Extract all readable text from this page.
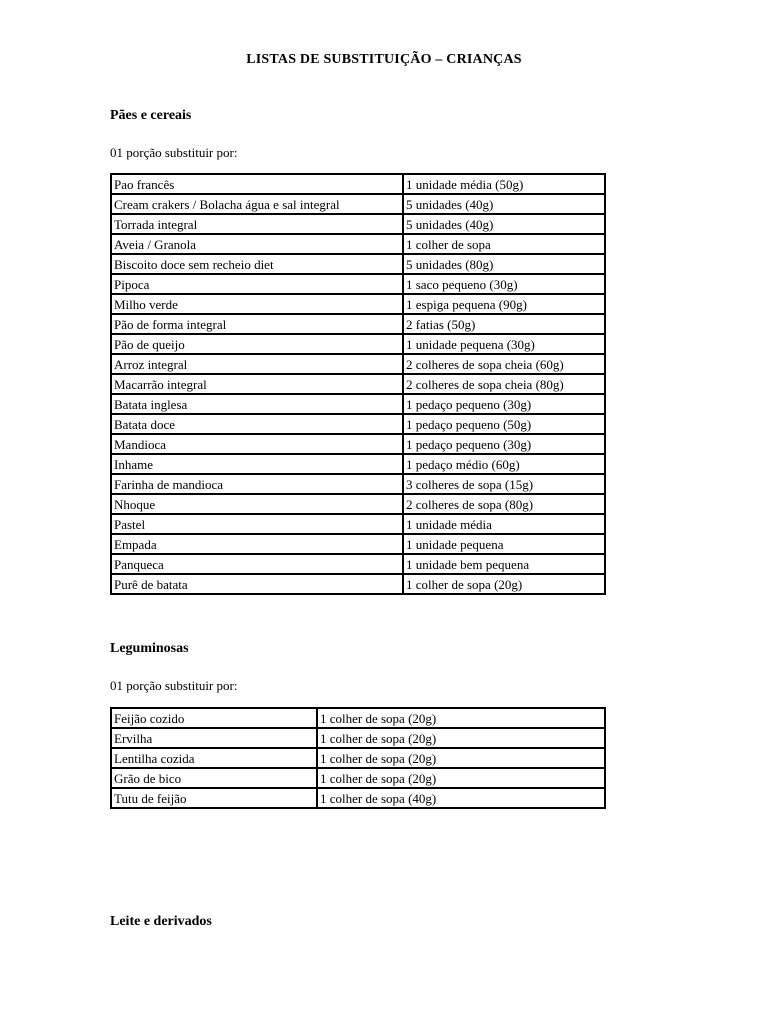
LISTAS DE SUBSTITUIÇÃO – CRIANÇAS
Pães e cereais
01 porção substituir por:
Pao francês	1 unidade média (50g)
Cream crakers / Bolacha água e sal integral	5 unidades (40g)
Torrada integral	5 unidades (40g)
Aveia / Granola	1 colher de sopa
Biscoito doce sem recheio diet	5 unidades (80g)
Pipoca	1 saco pequeno (30g)
Milho verde	1 espiga pequena (90g)
Pão de forma integral	2 fatias (50g)
Pão de queijo	1 unidade pequena (30g)
Arroz integral	2 colheres de sopa cheia (60g)
Macarrão integral	2 colheres de sopa cheia (80g)
Batata inglesa	1 pedaço pequeno (30g)
Batata doce	1 pedaço pequeno (50g)
Mandioca	1 pedaço pequeno (30g)
Inhame	1 pedaço médio (60g)
Farinha de mandioca	3 colheres de sopa (15g)
Nhoque	2 colheres de sopa (80g)
Pastel	1 unidade média
Empada	1 unidade pequena
Panqueca	1 unidade bem pequena
Purê de batata	1 colher de sopa (20g)
Leguminosas
01 porção substituir por:
Feijão cozido	1 colher de sopa (20g)
Ervilha	1 colher de sopa (20g)
Lentilha cozida	1 colher de sopa (20g)
Grão de bico	1 colher de sopa (20g)
Tutu de feijão	1 colher de sopa (40g)
Leite e derivados
